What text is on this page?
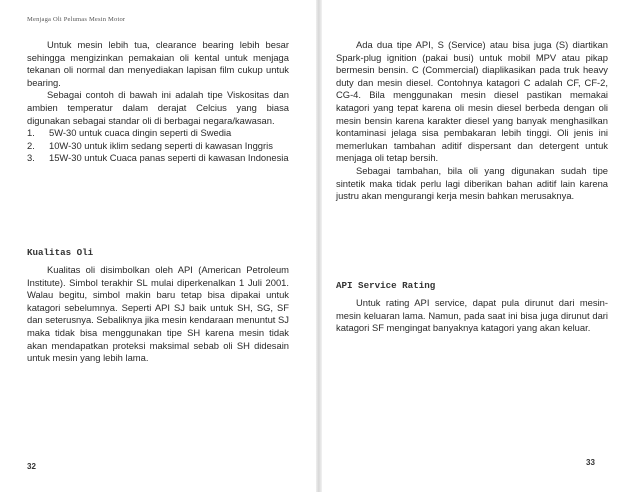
Menjaga Oli Pelumas Mesin Motor

Untuk mesin lebih tua, clearance bearing lebih besar sehingga mengizinkan pemakaian oli kental untuk menjaga tekanan oli normal dan menyediakan lapisan film cukup untuk bearing.

Sebagai contoh di bawah ini adalah tipe Viskositas dan ambien temperatur dalam derajat Celcius yang biasa digunakan sebagai standar oli di berbagai negara/kawasan.

1. 5W-30 untuk cuaca dingin seperti di Swedia
2. 10W-30 untuk iklim sedang seperti di kawasan Inggris
3. 15W-30 untuk Cuaca panas seperti di kawasan Indonesia
Kualitas Oli

Kualitas oli disimbolkan oleh API (American Petroleum Institute). Simbol terakhir SL mulai diperkenalkan 1 Juli 2001. Walau begitu, simbol makin baru tetap bisa dipakai untuk katagori sebelumnya. Seperti API SJ baik untuk SH, SG, SF dan seterusnya. Sebaliknya jika mesin kendaraan menuntut SJ maka tidak bisa menggunakan tipe SH karena mesin tidak akan mendapatkan proteksi maksimal sebab oli SH didesain untuk mesin yang lebih lama.

32

Ada dua tipe API, S (Service) atau bisa juga (S) diartikan Spark-plug ignition (pakai busi) untuk mobil MPV atau pikap bermesin bensin. C (Commercial) diaplikasikan pada truk heavy duty dan mesin diesel. Contohnya katagori C adalah CF, CF-2, CG-4. Bila menggunakan mesin diesel pastikan memakai katagori yang tepat karena oli mesin diesel berbeda dengan oli mesin bensin karena karakter diesel yang banyak menghasilkan kontaminasi jelaga sisa pembakaran lebih tinggi. Oli jenis ini memerlukan tambahan aditif dispersant dan detergent untuk menjaga oli tetap bersih.

Sebagai tambahan, bila oli yang digunakan sudah tipe sintetik maka tidak perlu lagi diberikan bahan aditif lain karena justru akan mengurangi kerja mesin bahkan merusaknya.

API Service Rating

Untuk rating API service, dapat pula dirunut dari mesin-mesin keluaran lama. Namun, pada saat ini bisa juga dirunut dari katagori SF mengingat banyaknya katagori yang akan keluar.

33
